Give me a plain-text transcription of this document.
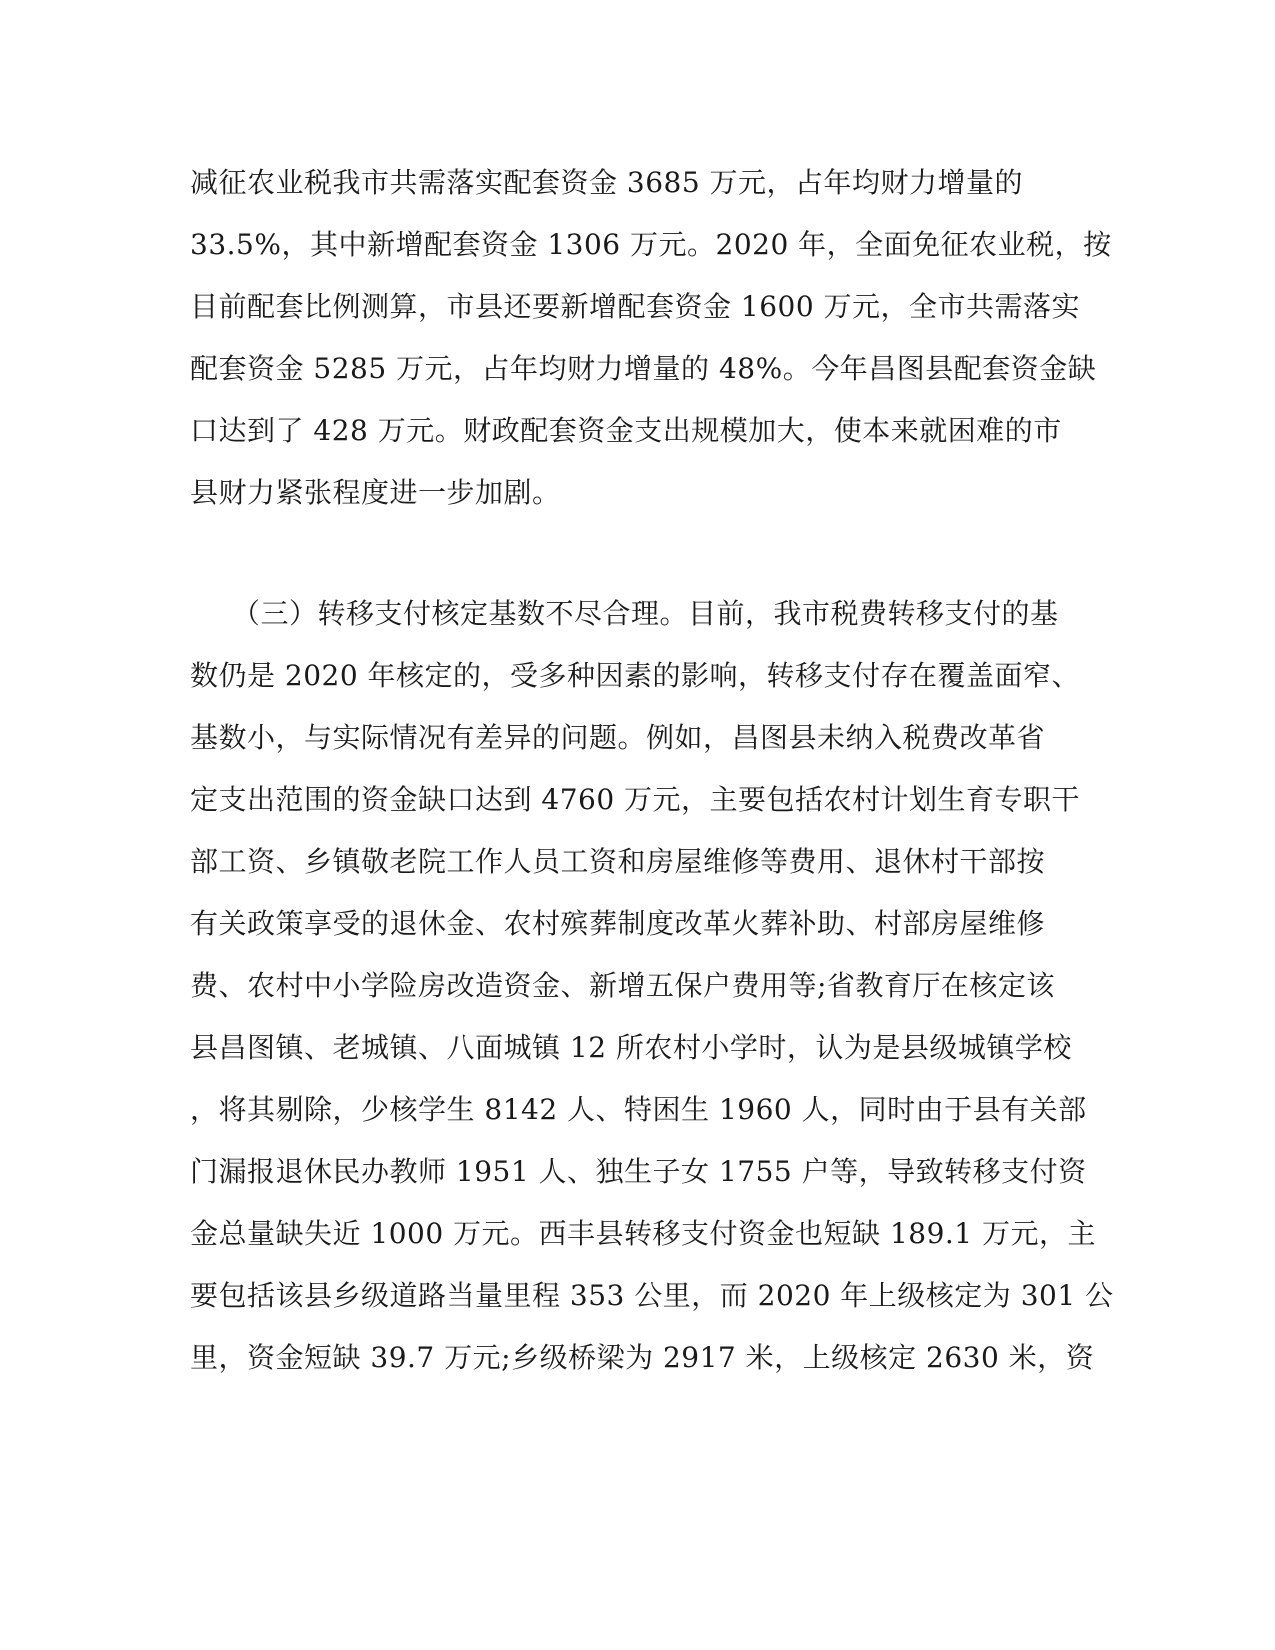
减征农业税我市共需落实配套资金 3685 万元，占年均财力增量的
33.5%，其中新增配套资金 1306 万元。2020 年，全面免征农业税，按
目前配套比例测算，市县还要新增配套资金 1600 万元，全市共需落实
配套资金 5285 万元，占年均财力增量的 48%。今年昌图县配套资金缺
口达到了 428 万元。财政配套资金支出规模加大，使本来就困难的市
县财力紧张程度进一步加剧。
（三）转移支付核定基数不尽合理。目前，我市税费转移支付的基
数仍是 2020 年核定的，受多种因素的影响，转移支付存在覆盖面窄、
基数小，与实际情况有差异的问题。例如，昌图县未纳入税费改革省
定支出范围的资金缺口达到 4760 万元，主要包括农村计划生育专职干
部工资、乡镇敬老院工作人员工资和房屋维修等费用、退休村干部按
有关政策享受的退休金、农村殡葬制度改革火葬补助、村部房屋维修
费、农村中小学险房改造资金、新增五保户费用等;省教育厅在核定该
县昌图镇、老城镇、八面城镇 12 所农村小学时，认为是县级城镇学校
，将其剔除，少核学生 8142 人、特困生 1960 人，同时由于县有关部
门漏报退休民办教师 1951 人、独生子女 1755 户等，导致转移支付资
金总量缺失近 1000 万元。西丰县转移支付资金也短缺 189.1 万元，主
要包括该县乡级道路当量里程 353 公里，而 2020 年上级核定为 301 公
里，资金短缺 39.7 万元;乡级桥梁为 2917 米，上级核定 2630 米，资
